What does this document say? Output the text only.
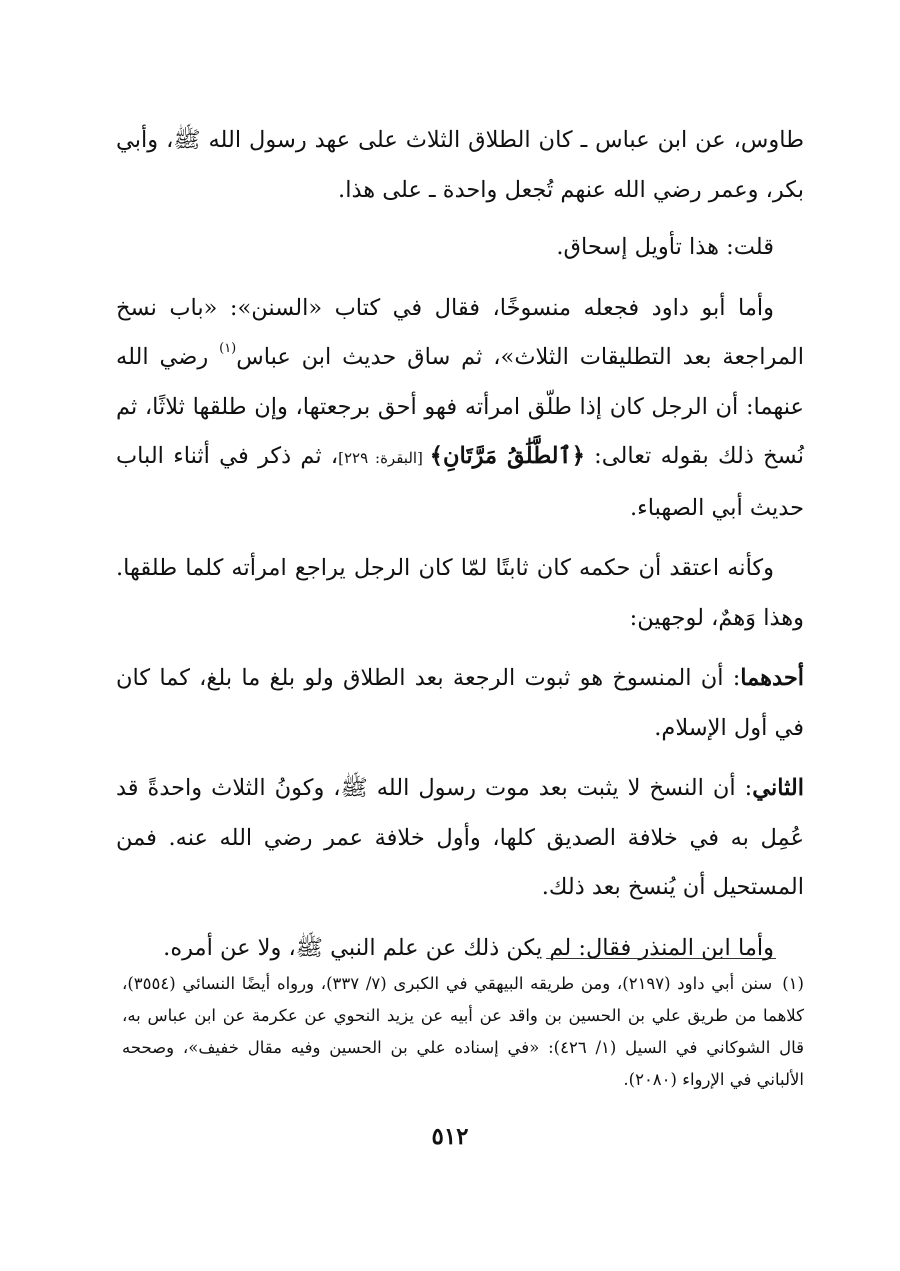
طاوس، عن ابن عباس ـ كان الطلاق الثلاث على عهد رسول الله ﷺ، وأبي بكر، وعمر رضي الله عنهم تُجعل واحدة ـ على هذا.

قلت: هذا تأويل إسحاق.

وأما أبو داود فجعله منسوخًا، فقال في كتاب «السنن»: «باب نسخ المراجعة بعد التطليقات الثلاث»، ثم ساق حديث ابن عباس$^{(١)}$ رضي الله عنهما: أن الرجل كان إذا طلّق امرأته فهو أحق برجعتها، وإن طلقها ثلاثًا، ثم نُسخ ذلك بقوله تعالى: ﴿ٱلطَّلَٰقُ مَرَّتَانِ﴾ [البقرة: ٢٢٩]، ثم ذكر في أثناء الباب حديث أبي الصهباء.

وكأنه اعتقد أن حكمه كان ثابتًا لمّا كان الرجل يراجع امرأته كلما طلقها. وهذا وَهمٌ، لوجهين:

أحدهما: أن المنسوخ هو ثبوت الرجعة بعد الطلاق ولو بلغ ما بلغ، كما كان في أول الإسلام.

الثاني: أن النسخ لا يثبت بعد موت رسول الله ﷺ، وكونُ الثلاث واحدةً قد عُمِل به في خلافة الصديق كلها، وأول خلافة عمر رضي الله عنه. فمن المستحيل أن يُنسخ بعد ذلك.

وأما ابن المنذر فقال: لم يكن ذلك عن علم النبي ﷺ، ولا عن أمره.

(١)سنن أبي داود (٢١٩٧)، ومن طريقه البيهقي في الكبرى (٧/ ٣٣٧)، ورواه أيضًا النسائي (٣٥٥٤)، كلاهما من طريق علي بن الحسين بن واقد عن أبيه عن يزيد النحوي عن عكرمة عن ابن عباس به، قال الشوكاني في السيل (١/ ٤٢٦): «في إسناده علي بن الحسين وفيه مقال خفيف»، وصححه الألباني في الإرواء (٢٠٨٠).

٥١٢
